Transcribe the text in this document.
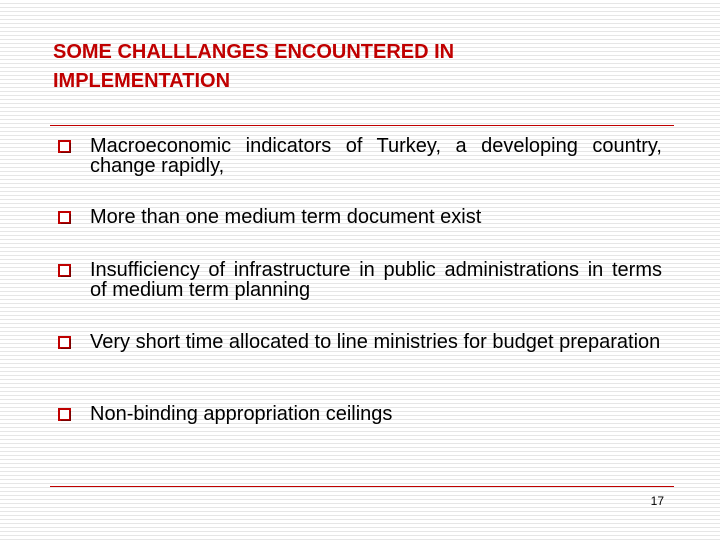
SOME CHALLLANGES ENCOUNTERED IN
IMPLEMENTATION
Macroeconomic indicators of Turkey, a developing country, change rapidly,
More than one medium term document exist
Insufficiency of infrastructure in public administrations in terms of medium term planning
Very short time allocated to line ministries for budget preparation
Non-binding appropriation ceilings
17
